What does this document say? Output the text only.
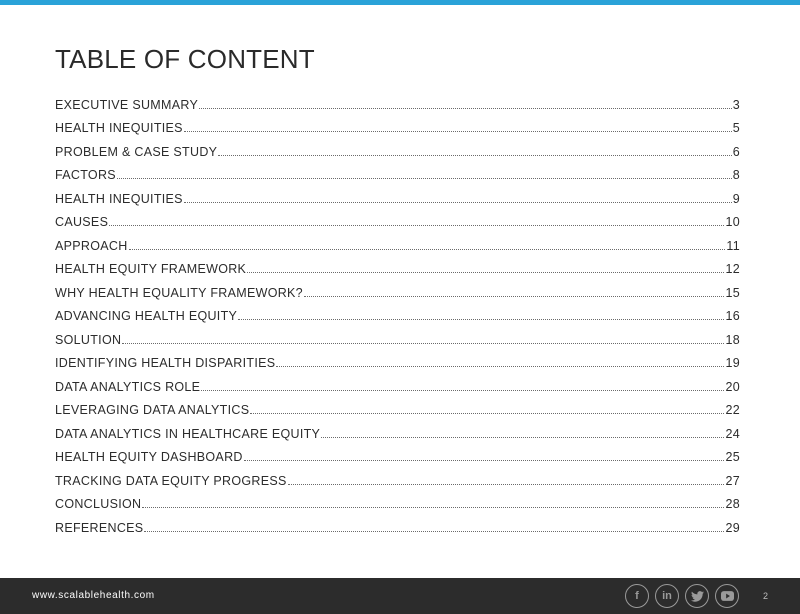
TABLE OF CONTENT
EXECUTIVE SUMMARY	3
HEALTH INEQUITIES	5
PROBLEM & CASE STUDY	6
FACTORS	8
HEALTH INEQUITIES	9
CAUSES	10
APPROACH	11
HEALTH EQUITY FRAMEWORK	12
WHY HEALTH EQUALITY FRAMEWORK?	15
ADVANCING HEALTH EQUITY	16
SOLUTION	18
IDENTIFYING HEALTH DISPARITIES	19
DATA ANALYTICS ROLE	20
LEVERAGING DATA ANALYTICS	22
DATA ANALYTICS IN HEALTHCARE EQUITY	24
HEALTH EQUITY DASHBOARD	25
TRACKING DATA EQUITY PROGRESS	27
CONCLUSION	28
REFERENCES	29
www.scalablehealth.com	f in	2
